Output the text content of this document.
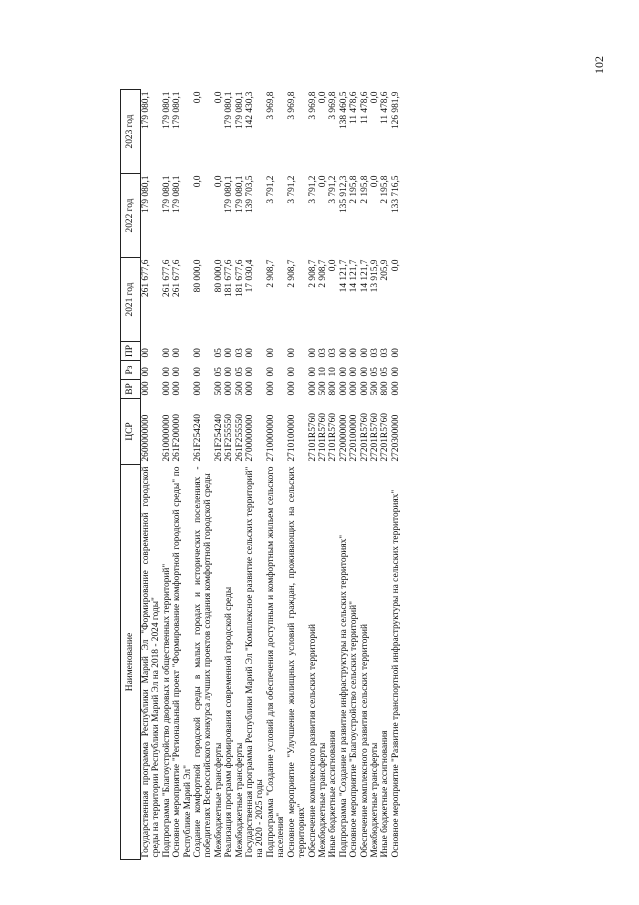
102
Наименование	ЦСР	ВР	Рз	ПР	2021 год	2022 год	2023 год
Государственная программа Республики Марий Эл "Формирование современной городской среды на территории Республики Марий Эл на 2018 - 2024 годы"	2600000000	000	00	00	261 677,6	179 080,1	179 080,1
Подпрограмма "Благоустройство дворовых и общественных территорий"	2610000000	000	00	00	261 677,6	179 080,1	179 080,1
Основное мероприятие "Региональный проект "Формирование комфортной городской среды" по Республике Марий Эл"	261F200000	000	00	00	261 677,6	179 080,1	179 080,1
Создание комфортной городской среды в малых городах и исторических поселениях - победителях Всероссийского конкурса лучших проектов создания комфортной городской среды	261F254240	000	00	00	80 000,0	0,0	0,0
Межбюджетные трансферты	261F254240	500	05	05	80 000,0	0,0	0,0
Реализация программ формирования современной городской среды	261F255550	000	00	00	181 677,6	179 080,1	179 080,1
Межбюджетные трансферты	261F255550	500	05	03	181 677,6	179 080,1	179 080,1
Государственная программа Республики Марий Эл "Комплексное развитие сельских территорий" на 2020 - 2025 годы	2700000000	000	00	00	17 030,4	139 703,5	142 430,3
Подпрограмма "Создание условий для обеспечения доступным и комфортным жильем сельского населения"	2710000000	000	00	00	2 908,7	3 791,2	3 969,8
Основное мероприятие "Улучшение жилищных условий граждан, проживающих на сельских территориях"	2710100000	000	00	00	2 908,7	3 791,2	3 969,8
Обеспечение комплексного развития сельских территорий	27101R5760	000	00	00	2 908,7	3 791,2	3 969,8
Межбюджетные трансферты	27101R5760	500	10	03	2 908,7	0,0	0,0
Иные бюджетные ассигнования	27101R5760	800	10	03	0,0	3 791,2	3 969,8
Подпрограмма "Создание и развитие инфраструктуры на сельских территориях"	2720000000	000	00	00	14 121,7	135 912,3	138 460,5
Основное мероприятие "Благоустройство сельских территорий"	2720100000	000	00	00	14 121,7	2 195,8	11 478,6
Обеспечение комплексного развития сельских территорий	27201R5760	000	00	00	14 121,7	2 195,8	11 478,6
Межбюджетные трансферты	27201R5760	500	05	03	13 915,9	0,0	0,0
Иные бюджетные ассигнования	27201R5760	800	05	03	205,9	2 195,8	11 478,6
Основное мероприятие "Развитие транспортной инфраструктуры на сельских территориях"	2720300000	000	00	00	0,0	133 716,5	126 981,9
